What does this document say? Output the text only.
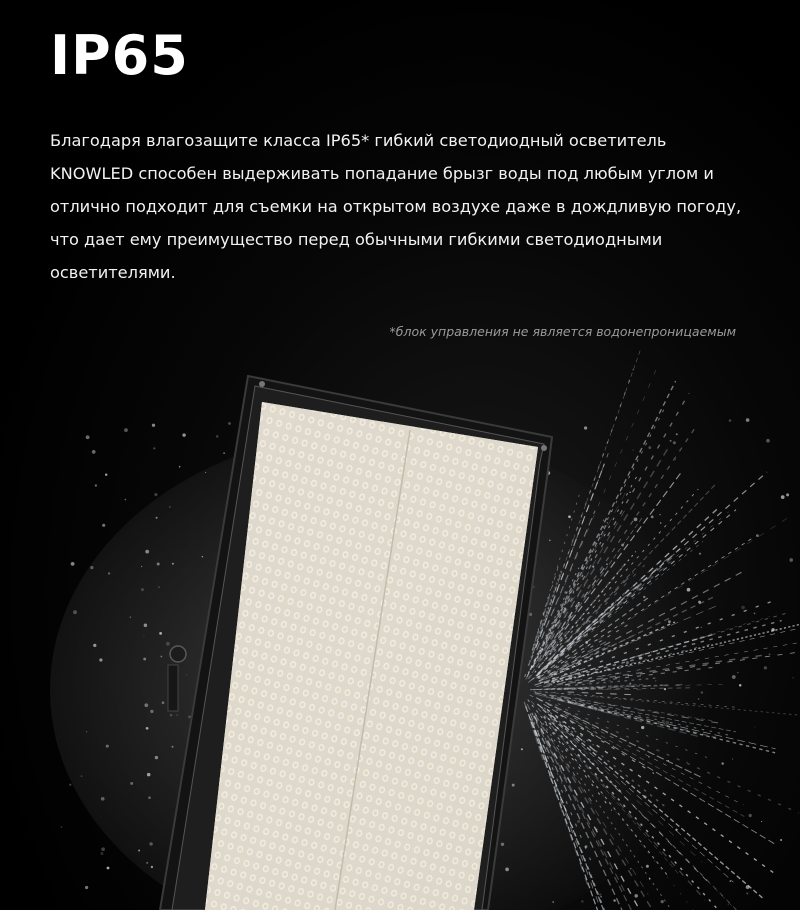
IP65

Благодаря влагозащите класса IP65* гибкий светодиодный осветитель KNOWLED способен выдерживать попадание брызг воды под любым углом и отлично подходит для съемки на открытом воздухе даже в дождливую погоду, что дает ему преимущество перед обычными гибкими светодиодными осветителями.

*блок управления не является водонепроницаемым
